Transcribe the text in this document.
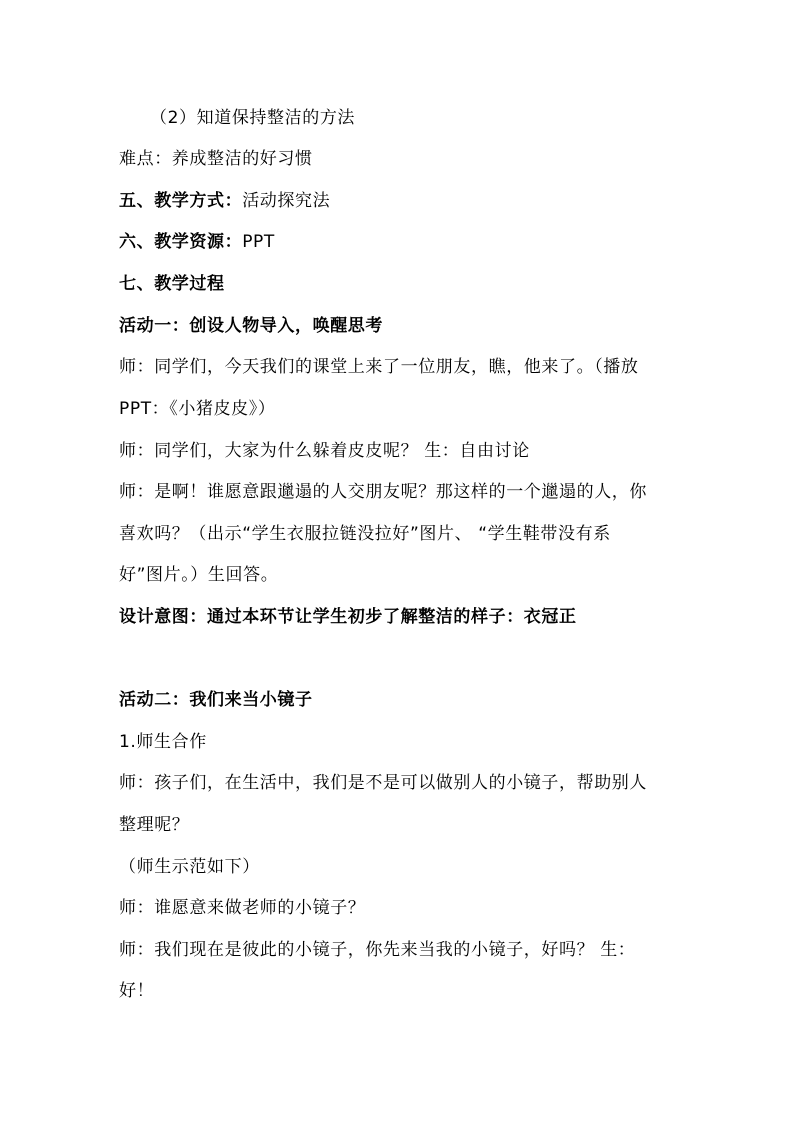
（2）知道保持整洁的方法
难点：养成整洁的好习惯
五、教学方式：活动探究法
六、教学资源：PPT
七、教学过程
活动一：创设人物导入，唤醒思考
师：同学们，今天我们的课堂上来了一位朋友，瞧，他来了。（播放
PPT：《小猪皮皮》）
师：同学们，大家为什么躲着皮皮呢？ 生：自由讨论
师：是啊！谁愿意跟邋遢的人交朋友呢？那这样的一个邋遢的人，你
喜欢吗？（出示“学生衣服拉链没拉好”图片、 “学生鞋带没有系
好”图片。）生回答。
设计意图：通过本环节让学生初步了解整洁的样子：衣冠正
活动二：我们来当小镜子
1.师生合作
师：孩子们，在生活中，我们是不是可以做别人的小镜子，帮助别人
整理呢？
（师生示范如下）
师：谁愿意来做老师的小镜子？
师：我们现在是彼此的小镜子，你先来当我的小镜子，好吗？ 生：
好！
